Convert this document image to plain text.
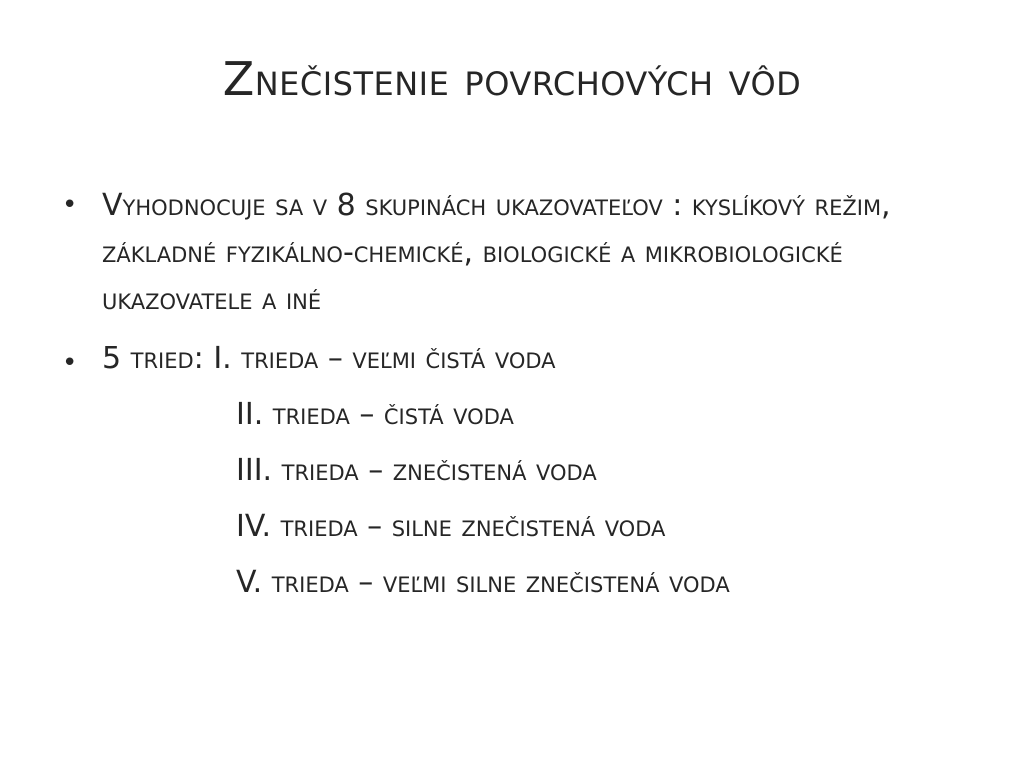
Znečistenie povrchových vôd
• Vyhodnocuje sa v 8 skupinách ukazovateľov : kyslíkový režim, základné fyzikálno-chemické, biologické a mikrobiologické ukazovatele a iné
• 5 tried: I. trieda – veľmi čistá voda
II. trieda – čistá voda
III. trieda – znečistená voda
IV. trieda – silne znečistená voda
V. trieda – veľmi silne znečistená voda
